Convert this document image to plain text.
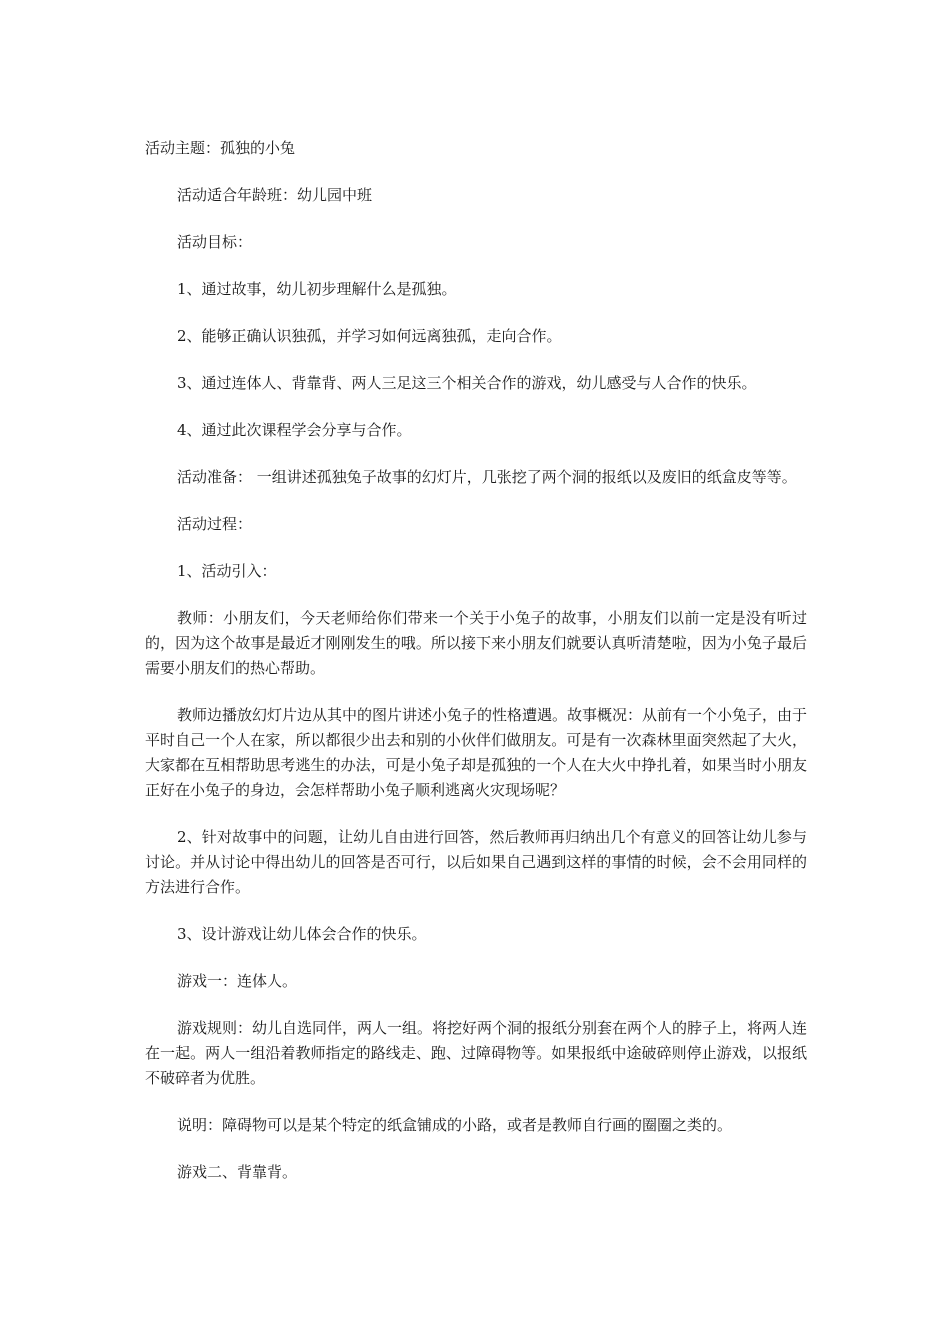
活动主题：孤独的小兔

活动适合年龄班：幼儿园中班

活动目标：

1、通过故事，幼儿初步理解什么是孤独。

2、能够正确认识独孤，并学习如何远离独孤，走向合作。

3、通过连体人、背靠背、两人三足这三个相关合作的游戏，幼儿感受与人合作的快乐。

4、通过此次课程学会分享与合作。

活动准备： 一组讲述孤独兔子故事的幻灯片，几张挖了两个洞的报纸以及废旧的纸盒皮等等。

活动过程：

1、活动引入：

教师：小朋友们，今天老师给你们带来一个关于小兔子的故事，小朋友们以前一定是没有听过的，因为这个故事是最近才刚刚发生的哦。所以接下来小朋友们就要认真听清楚啦，因为小兔子最后需要小朋友们的热心帮助。

教师边播放幻灯片边从其中的图片讲述小兔子的性格遭遇。故事概况：从前有一个小兔子，由于平时自己一个人在家，所以都很少出去和别的小伙伴们做朋友。可是有一次森林里面突然起了大火，大家都在互相帮助思考逃生的办法，可是小兔子却是孤独的一个人在大火中挣扎着，如果当时小朋友正好在小兔子的身边，会怎样帮助小兔子顺利逃离火灾现场呢？

2、针对故事中的问题，让幼儿自由进行回答，然后教师再归纳出几个有意义的回答让幼儿参与讨论。并从讨论中得出幼儿的回答是否可行，以后如果自己遇到这样的事情的时候，会不会用同样的方法进行合作。

3、设计游戏让幼儿体会合作的快乐。

游戏一：连体人。

游戏规则：幼儿自选同伴，两人一组。将挖好两个洞的报纸分别套在两个人的脖子上，将两人连在一起。两人一组沿着教师指定的路线走、跑、过障碍物等。如果报纸中途破碎则停止游戏，以报纸不破碎者为优胜。

说明：障碍物可以是某个特定的纸盒铺成的小路，或者是教师自行画的圈圈之类的。

游戏二、背靠背。
